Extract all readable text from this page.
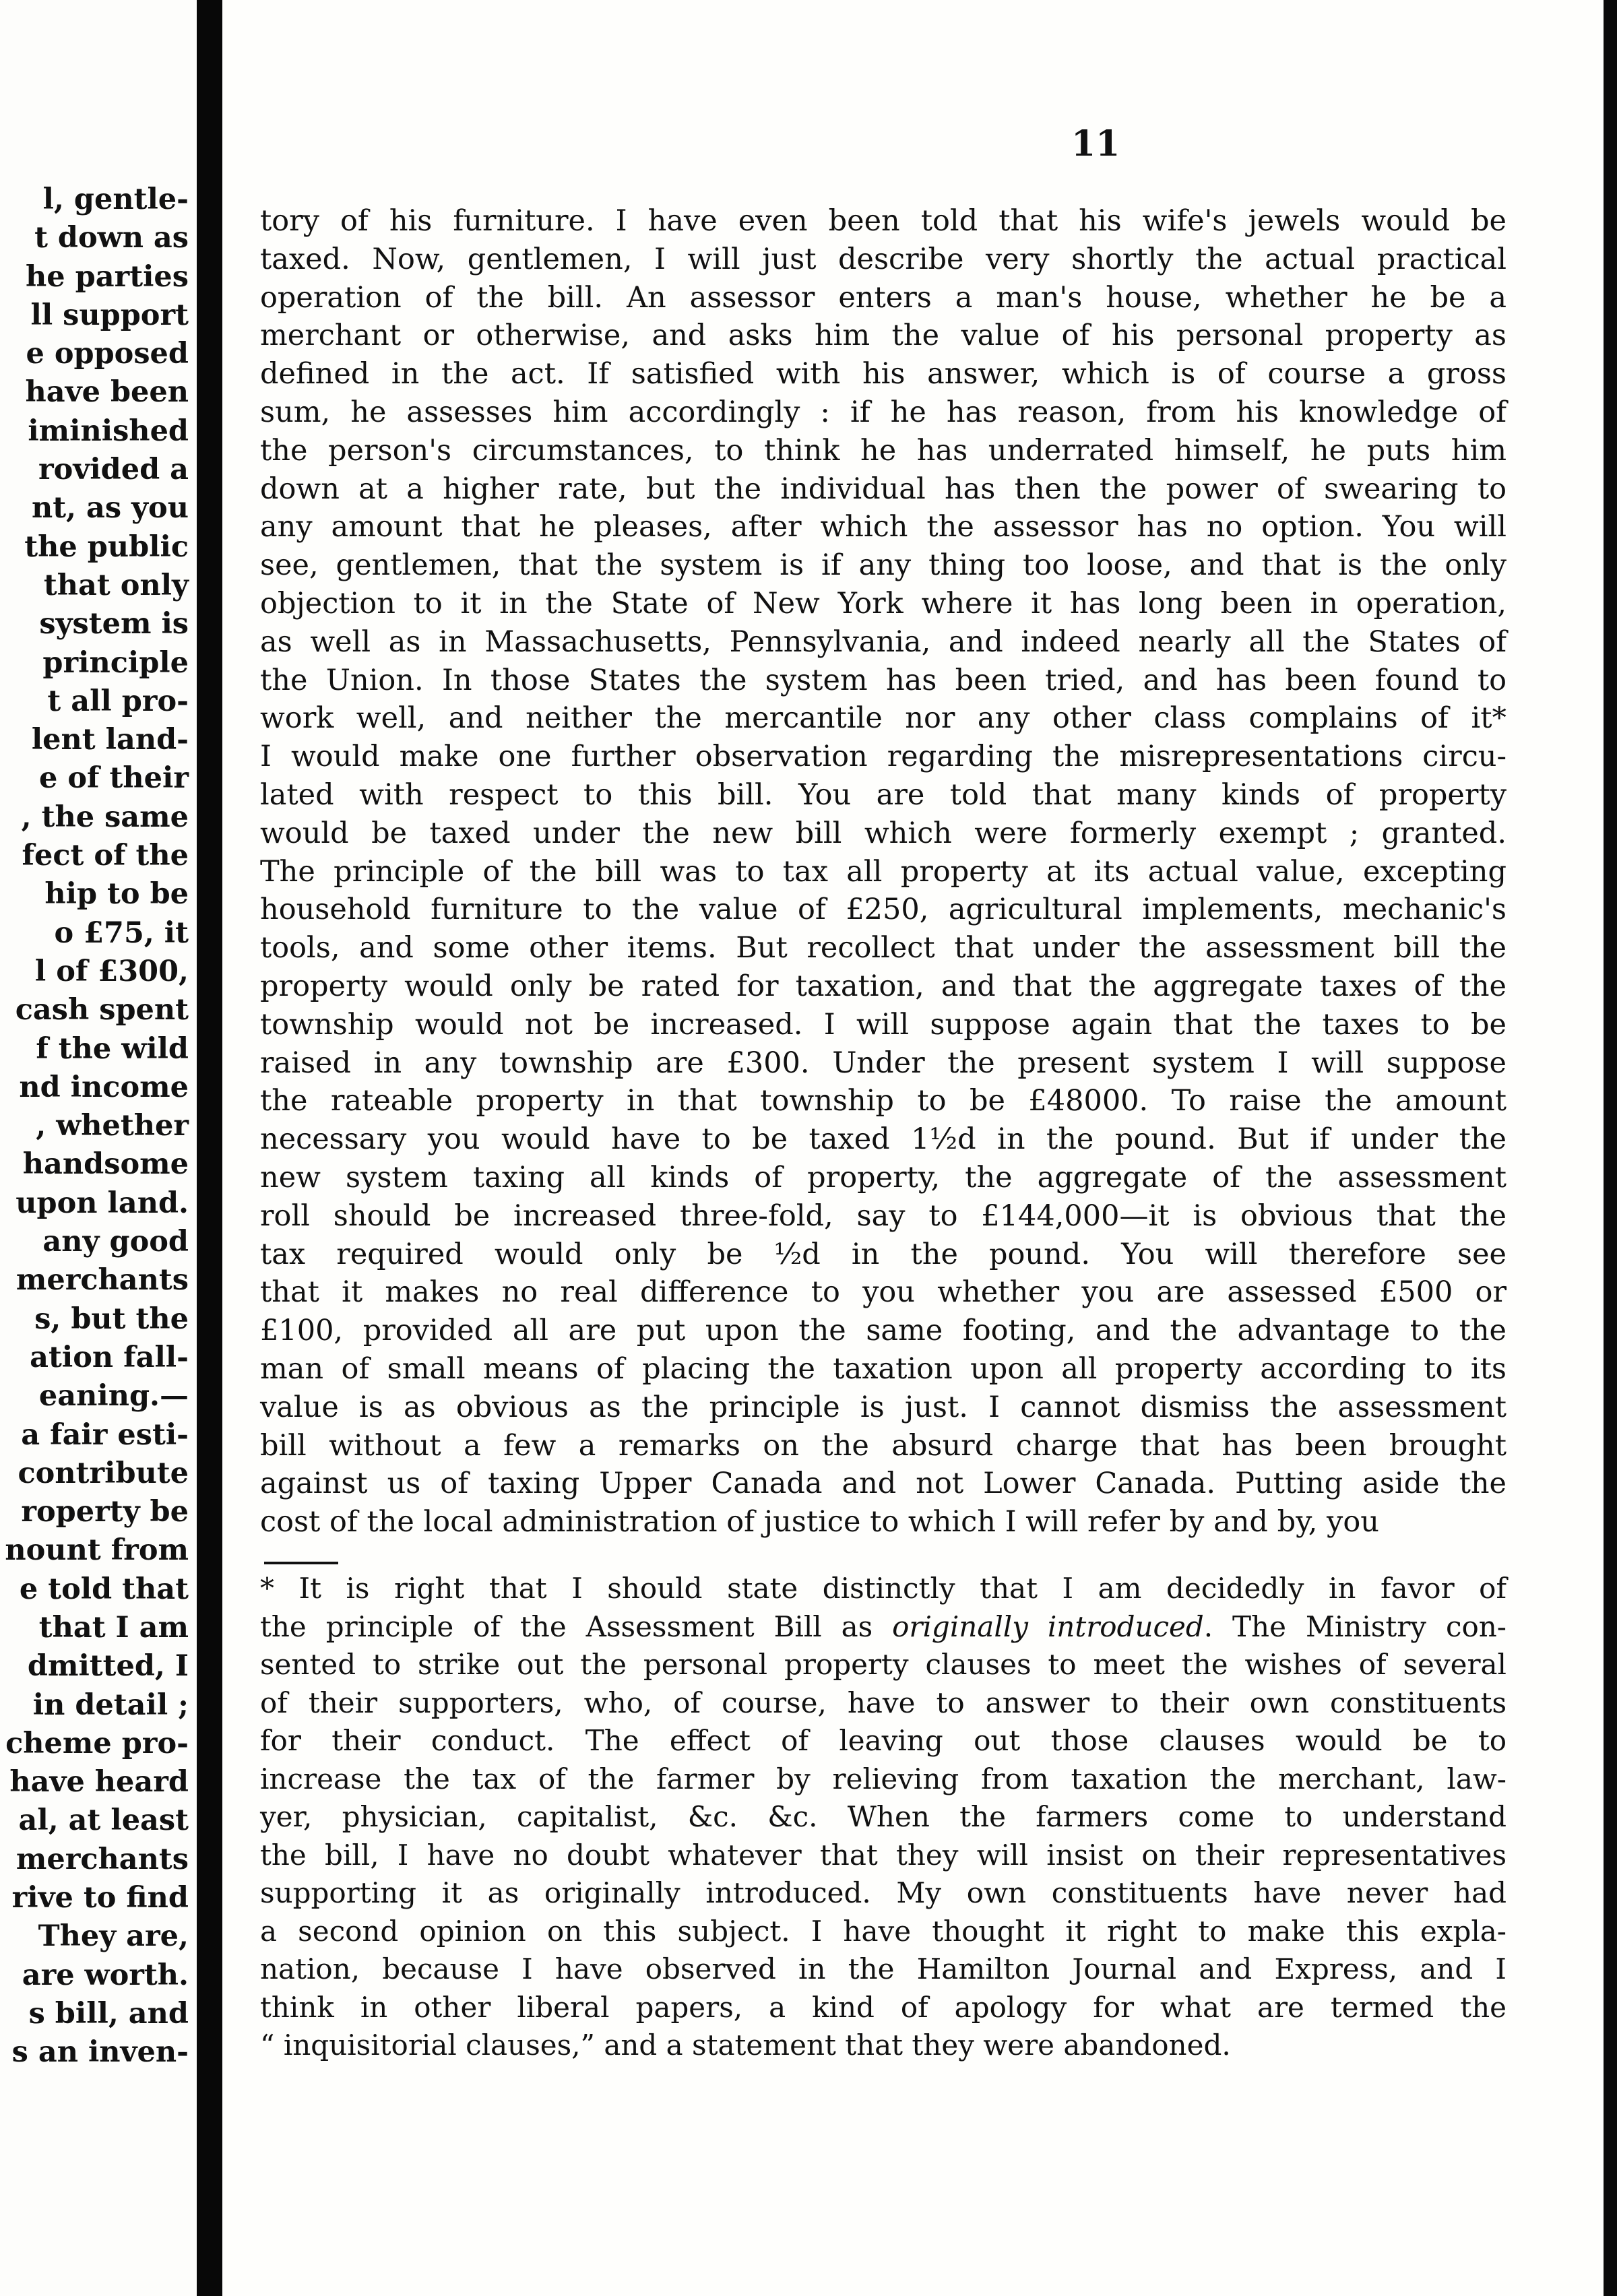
l, gentle-
t down as
he parties
ll support
e opposed
have been
iminished
rovided a
nt, as you
the public
that only
system is
principle
t all pro-
lent land-
e of their
, the same
fect of the
hip to be
o £75, it
l of £300,
cash spent
f the wild
nd income
, whether
handsome
upon land.
any good
merchants
s, but the
ation fall-
eaning.—
a fair esti-
contribute
roperty be
nount from
e told that
that I am
dmitted, I
in detail ;
cheme pro-
have heard
al, at least
merchants
rive to find
They are,
are worth.
s bill, and
s an inven-

11

tory of his furniture. I have even been told that his wife's jewels would be
taxed. Now, gentlemen, I will just describe very shortly the actual practical
operation of the bill. An assessor enters a man's house, whether he be a
merchant or otherwise, and asks him the value of his personal property as
defined in the act. If satisfied with his answer, which is of course a gross
sum, he assesses him accordingly : if he has reason, from his knowledge of
the person's circumstances, to think he has underrated himself, he puts him
down at a higher rate, but the individual has then the power of swearing to
any amount that he pleases, after which the assessor has no option. You will
see, gentlemen, that the system is if any thing too loose, and that is the only
objection to it in the State of New York where it has long been in operation,
as well as in Massachusetts, Pennsylvania, and indeed nearly all the States of
the Union. In those States the system has been tried, and has been found to
work well, and neither the mercantile nor any other class complains of it*
I would make one further observation regarding the misrepresentations circu-
lated with respect to this bill. You are told that many kinds of property
would be taxed under the new bill which were formerly exempt ; granted.
The principle of the bill was to tax all property at its actual value, excepting
household furniture to the value of £250, agricultural implements, mechanic's
tools, and some other items. But recollect that under the assessment bill the
property would only be rated for taxation, and that the aggregate taxes of the
township would not be increased. I will suppose again that the taxes to be
raised in any township are £300. Under the present system I will suppose
the rateable property in that township to be £48000. To raise the amount
necessary you would have to be taxed 1½d in the pound. But if under the
new system taxing all kinds of property, the aggregate of the assessment
roll should be increased three-fold, say to £144,000—it is obvious that the
tax required would only be ½d in the pound. You will therefore see
that it makes no real difference to you whether you are assessed £500 or
£100, provided all are put upon the same footing, and the advantage to the
man of small means of placing the taxation upon all property according to its
value is as obvious as the principle is just. I cannot dismiss the assessment
bill without a few a remarks on the absurd charge that has been brought
against us of taxing Upper Canada and not Lower Canada. Putting aside the
cost of the local administration of justice to which I will refer by and by, you
* It is right that I should state distinctly that I am decidedly in favor of
the principle of the Assessment Bill as originally introduced. The Ministry con-
sented to strike out the personal property clauses to meet the wishes of several
of their supporters, who, of course, have to answer to their own constituents
for their conduct. The effect of leaving out those clauses would be to
increase the tax of the farmer by relieving from taxation the merchant, law-
yer, physician, capitalist, &c. &c. When the farmers come to understand
the bill, I have no doubt whatever that they will insist on their representatives
supporting it as originally introduced. My own constituents have never had
a second opinion on this subject. I have thought it right to make this expla-
nation, because I have observed in the Hamilton Journal and Express, and I
think in other liberal papers, a kind of apology for what are termed the
“ inquisitorial clauses,” and a statement that they were abandoned.
